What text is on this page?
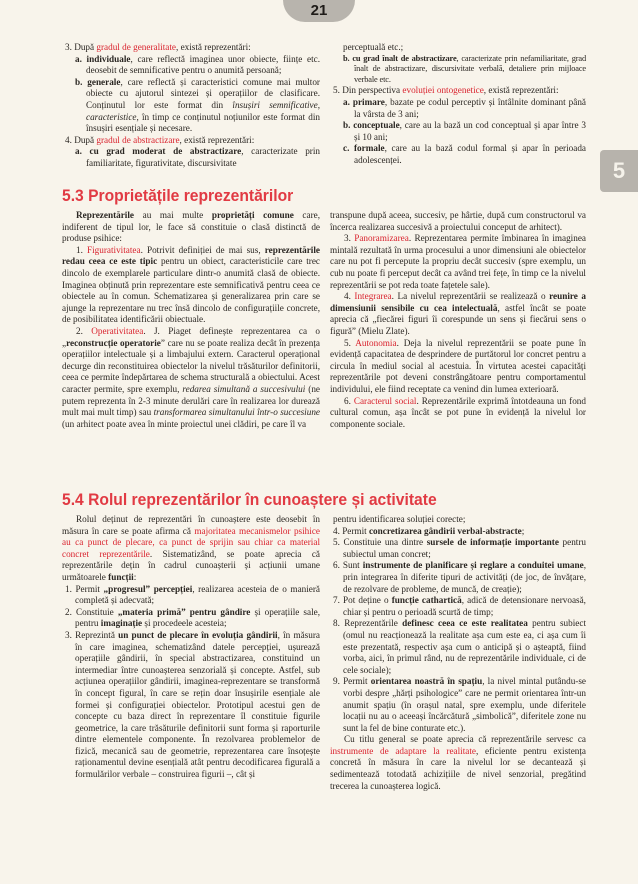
21
5

3. După gradul de generalitate, există reprezentări:

a. individuale, care reflectă imaginea unor obiecte, ființe etc. deosebit de semnificative pentru o anumită persoană;

b. generale, care reflectă și caracteristici comune mai multor obiecte cu ajutorul sintezei și operațiilor de clasificare. Conținutul lor este format din însușiri semnificative, caracteristice, în timp ce conținutul noțiunilor este format din însușiri esențiale și necesare.

4. După gradul de abstractizare, există reprezentări:

a. cu grad moderat de abstractizare, caracterizate prin familiaritate, figurativitate, discursivitate

perceptuală etc.;

b. cu grad înalt de abstractizare, caracterizate prin nefamiliaritate, grad înalt de abstractizare, discursivitate verbală, detaliere prin mijloace verbale etc.

5. Din perspectiva evoluției ontogenetice, există reprezentări:

a. primare, bazate pe codul perceptiv și întâlnite dominant până la vârsta de 3 ani;

b. conceptuale, care au la bază un cod conceptual și apar între 3 și 10 ani;

c. formale, care au la bază codul formal și apar în perioada adolescenței.

5.3 Proprietățile reprezentărilor

Reprezentările au mai multe proprietăți comune care, indiferent de tipul lor, le face să constituie o clasă distinctă de produse psihice:

1. Figurativitatea. Potrivit definiției de mai sus, reprezentările redau ceea ce este tipic pentru un obiect, caracteristicile care trec dincolo de exemplarele particulare dintr-o anumită clasă de obiecte. Imaginea obținută prin reprezentare este semnificativă pentru ceea ce obiectele au în comun. Schematizarea și generalizarea prin care se ajunge la reprezentare nu trec însă dincolo de configurațiile concrete, de posibilitatea identificării obiectuale.

2. Operativitatea. J. Piaget definește reprezentarea ca o „reconstrucție operatorie” care nu se poate realiza decât în prezența operațiilor intelectuale și a limbajului extern. Caracterul operațional decurge din reconstituirea obiectelor la nivelul trăsăturilor definitorii, ceea ce permite îndepărtarea de schema structurală a obiectului. Acest caracter permite, spre exemplu, redarea simultană a succesivului (ne putem reprezenta în 2-3 minute derulări care în realizarea lor durează mult mai mult timp) sau transformarea simultanului într-o succesiune (un arhitect poate avea în minte proiectul unei clădiri, pe care îl va

transpune după aceea, succesiv, pe hârtie, după cum constructorul va încerca realizarea succesivă a proiectului conceput de arhitect).

3. Panoramizarea. Reprezentarea permite îmbinarea în imaginea mintală rezultată în urma procesului a unor dimensiuni ale obiectelor care nu pot fi percepute la propriu decât succesiv (spre exemplu, un cub nu poate fi perceput decât ca având trei fețe, în timp ce la nivelul reprezentării se pot reda toate fațetele sale).

4. Integrarea. La nivelul reprezentării se realizează o reunire a dimensiunii sensibile cu cea intelectuală, astfel încât se poate aprecia că „fiecărei figuri îi corespunde un sens și fiecărui sens o figură” (Mielu Zlate).

5. Autonomia. Deja la nivelul reprezentării se poate pune în evidență capacitatea de desprindere de purtătorul lor concret pentru a circula în mediul social al acestuia. În virtutea acestei capacități reprezentările pot deveni constrângătoare pentru comportamentul individului, ele fiind receptate ca venind din lumea exterioară.

6. Caracterul social. Reprezentările exprimă întotdeauna un fond cultural comun, așa încât se pot pune în evidență la nivelul lor componente sociale.

5.4 Rolul reprezentărilor în cunoaștere și activitate

Rolul deținut de reprezentări în cunoaștere este deosebit în măsura în care se poate afirma că majoritatea mecanismelor psihice au ca punct de plecare, ca punct de sprijin sau chiar ca material concret reprezentările. Sistematizând, se poate aprecia că reprezentările dețin în cadrul cunoașterii și acțiunii umane următoarele funcții:

1. Permit „progresul” percepției, realizarea acesteia de o manieră completă și adecvată;

2. Constituie „materia primă” pentru gândire și operațiile sale, pentru imaginație și procedeele acesteia;

3. Reprezintă un punct de plecare în evoluția gândirii, în măsura în care imaginea, schematizând datele percepției, ușurează operațiile gândirii, în special abstractizarea, constituind un intermediar între cunoașterea senzorială și concepte. Astfel, sub acțiunea operațiilor gândirii, imaginea-reprezentare se transformă în concept figural, în care se rețin doar însușirile esențiale ale formei și configurației obiectelor. Prototipul acestui gen de concepte cu baza direct în reprezentare îl constituie figurile geometrice, la care trăsăturile definitorii sunt forma și raporturile dintre elementele componente. În rezolvarea problemelor de fizică, mecanică sau de geometrie, reprezentarea care însoțește raționamentul devine esențială atât pentru decodificarea figurală a formulărilor verbale – construirea figurii –, cât și

pentru identificarea soluției corecte;

4. Permit concretizarea gândirii verbal-abstracte;

5. Constituie una dintre sursele de informație importante pentru subiectul uman concret;

6. Sunt instrumente de planificare și reglare a conduitei umane, prin integrarea în diferite tipuri de activități (de joc, de învățare, de rezolvare de probleme, de muncă, de creație);

7. Pot deține o funcție cathartică, adică de detensionare nervoasă, chiar și pentru o perioadă scurtă de timp;

8. Reprezentările definesc ceea ce este realitatea pentru subiect (omul nu reacționează la realitate așa cum este ea, ci așa cum îi este prezentată, respectiv așa cum o anticipă și o așteaptă, fiind vorba, aici, în primul rând, nu de reprezentările individuale, ci de cele sociale);

9. Permit orientarea noastră în spațiu, la nivel mintal putându-se vorbi despre „hărți psihologice” care ne permit orientarea într-un anumit spațiu (în orașul natal, spre exemplu, unde diferitele locații nu au o aceeași încărcătură „simbolică”, diferitele zone nu sunt la fel de bine conturate etc.).

Cu titlu general se poate aprecia că reprezentările servesc ca instrumente de adaptare la realitate, eficiente pentru existența concretă în măsura în care la nivelul lor se decantează și sedimentează totodată achizițiile de nivel senzorial, pregătind trecerea la cunoașterea logică.
